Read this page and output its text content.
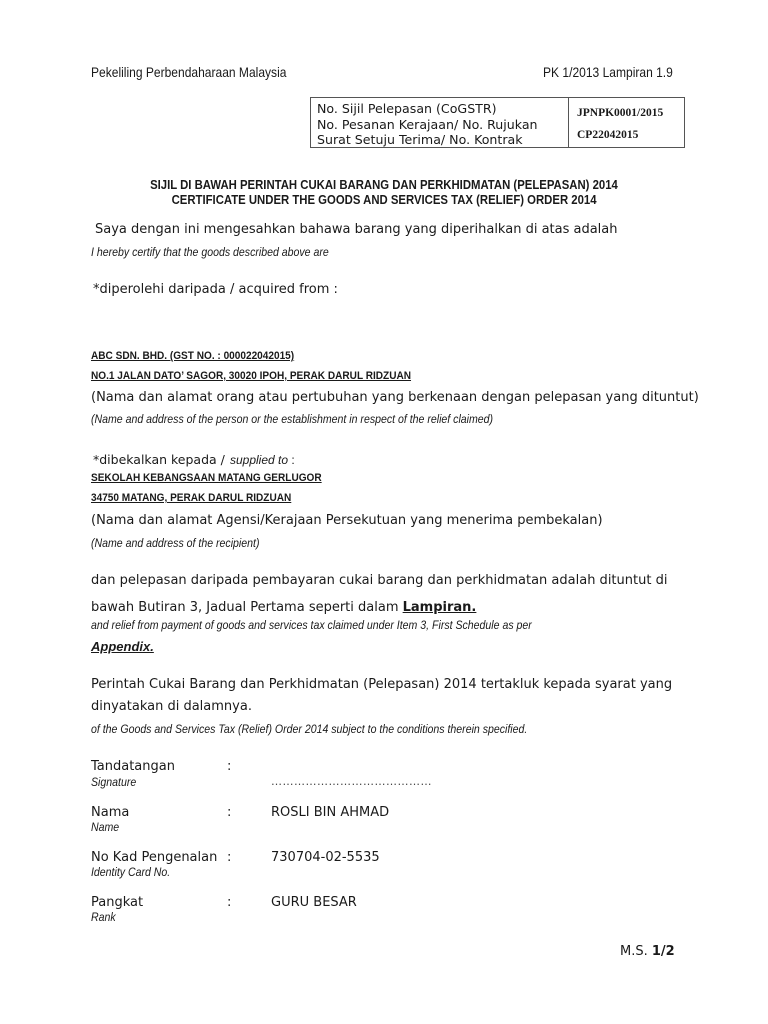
Pekeliling Perbendaharaan Malaysia	PK 1/2013 Lampiran 1.9
No. Sijil Pelepasan (CoGSTR)
No. Pesanan Kerajaan/ No. Rujukan
Surat Setuju Terima/ No. Kontrak
JPNPK0001/2015
CP22042015
SIJIL DI BAWAH PERINTAH CUKAI BARANG DAN PERKHIDMATAN (PELEPASAN) 2014
CERTIFICATE UNDER THE GOODS AND SERVICES TAX (RELIEF) ORDER 2014
Saya dengan ini mengesahkan bahawa barang yang diperihalkan di atas adalah
I hereby certify that the goods described above are
*diperolehi daripada / acquired from :
ABC SDN. BHD. (GST NO. : 000022042015)
NO.1 JALAN DATO’ SAGOR, 30020 IPOH, PERAK DARUL RIDZUAN
(Nama dan alamat orang atau pertubuhan yang berkenaan dengan pelepasan yang dituntut)
(Name and address of the person or the establishment in respect of the relief claimed)
*dibekalkan kepada / supplied to :
SEKOLAH KEBANGSAAN MATANG GERLUGOR
34750 MATANG, PERAK DARUL RIDZUAN
(Nama dan alamat Agensi/Kerajaan Persekutuan yang menerima pembekalan)
(Name and address of the recipient)
dan pelepasan daripada pembayaran cukai barang dan perkhidmatan adalah dituntut di
bawah Butiran 3, Jadual Pertama seperti dalam Lampiran.
and relief from payment of goods and services tax claimed under Item 3, First Schedule as per
Appendix.
Perintah Cukai Barang dan Perkhidmatan (Pelepasan) 2014 tertakluk kepada syarat yang
dinyatakan di dalamnya.
of the Goods and Services Tax (Relief) Order 2014 subject to the conditions therein specified.
Tandatangan
Signature
:
……………………………………
Nama
Name
:	ROSLI BIN AHMAD
No Kad Pengenalan
Identity Card No.
:	730704-02-5535
Pangkat
Rank
:	GURU BESAR
M.S. 1/2
